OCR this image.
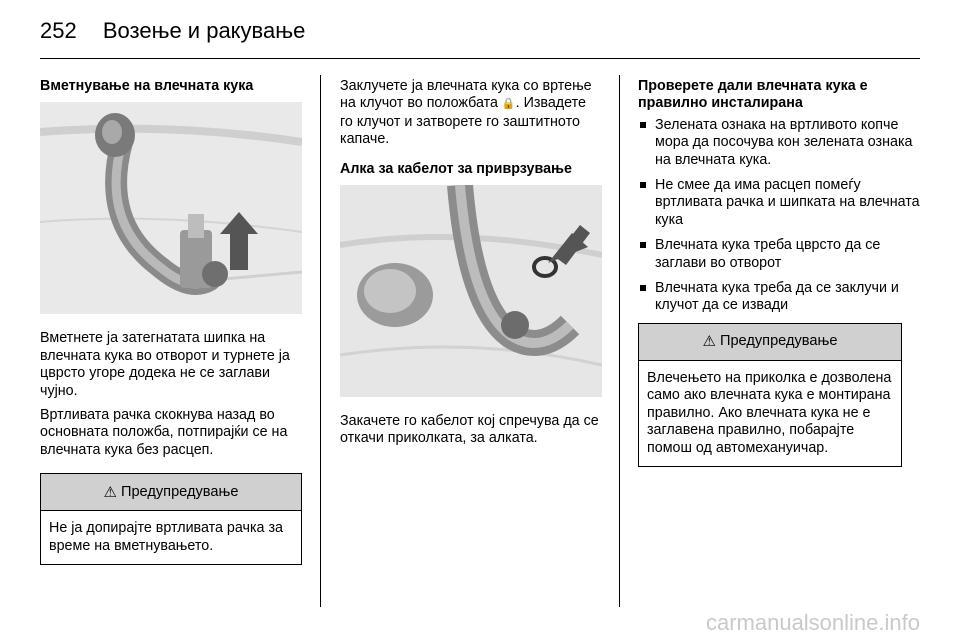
252 Возење и ракување

Вметнување на влечната кука

Вметнете ја затегнатата шипка на влечната кука во отворот и турнете ја цврсто угоре додека не се заглави чујно.

Вртливата рачка скокнува назад во основната положба, потпирајќи се на влечната кука без расцеп.

⚠ Предупредување
Не ја допирајте вртливата рачка за време на вметнувањето.

Заклучете ја влечната кука со вртење на клучот во положбата 🔒. Извадете го клучот и затворете го заштитното капаче.

Алка за кабелот за приврзување

Закачете го кабелот кој спречува да се откачи приколката, за алката.

Проверете дали влечната кука е правилно инсталирана

Зелената ознака на вртливото копче мора да посочува кон зелената ознака на влечната кука.
Не смее да има расцеп помеѓу вртливата рачка и шипката на влечната кука
Влечната кука треба цврсто да се заглави во отворот
Влечната кука треба да се заклучи и клучот да се извади
⚠ Предупредување
Влечењето на приколка е дозволена само ако влечната кука е монтирана правилно. Ако влечната кука не е заглавена правилно, побарајте помош од автомехануичар.
carmanualsonline.info
